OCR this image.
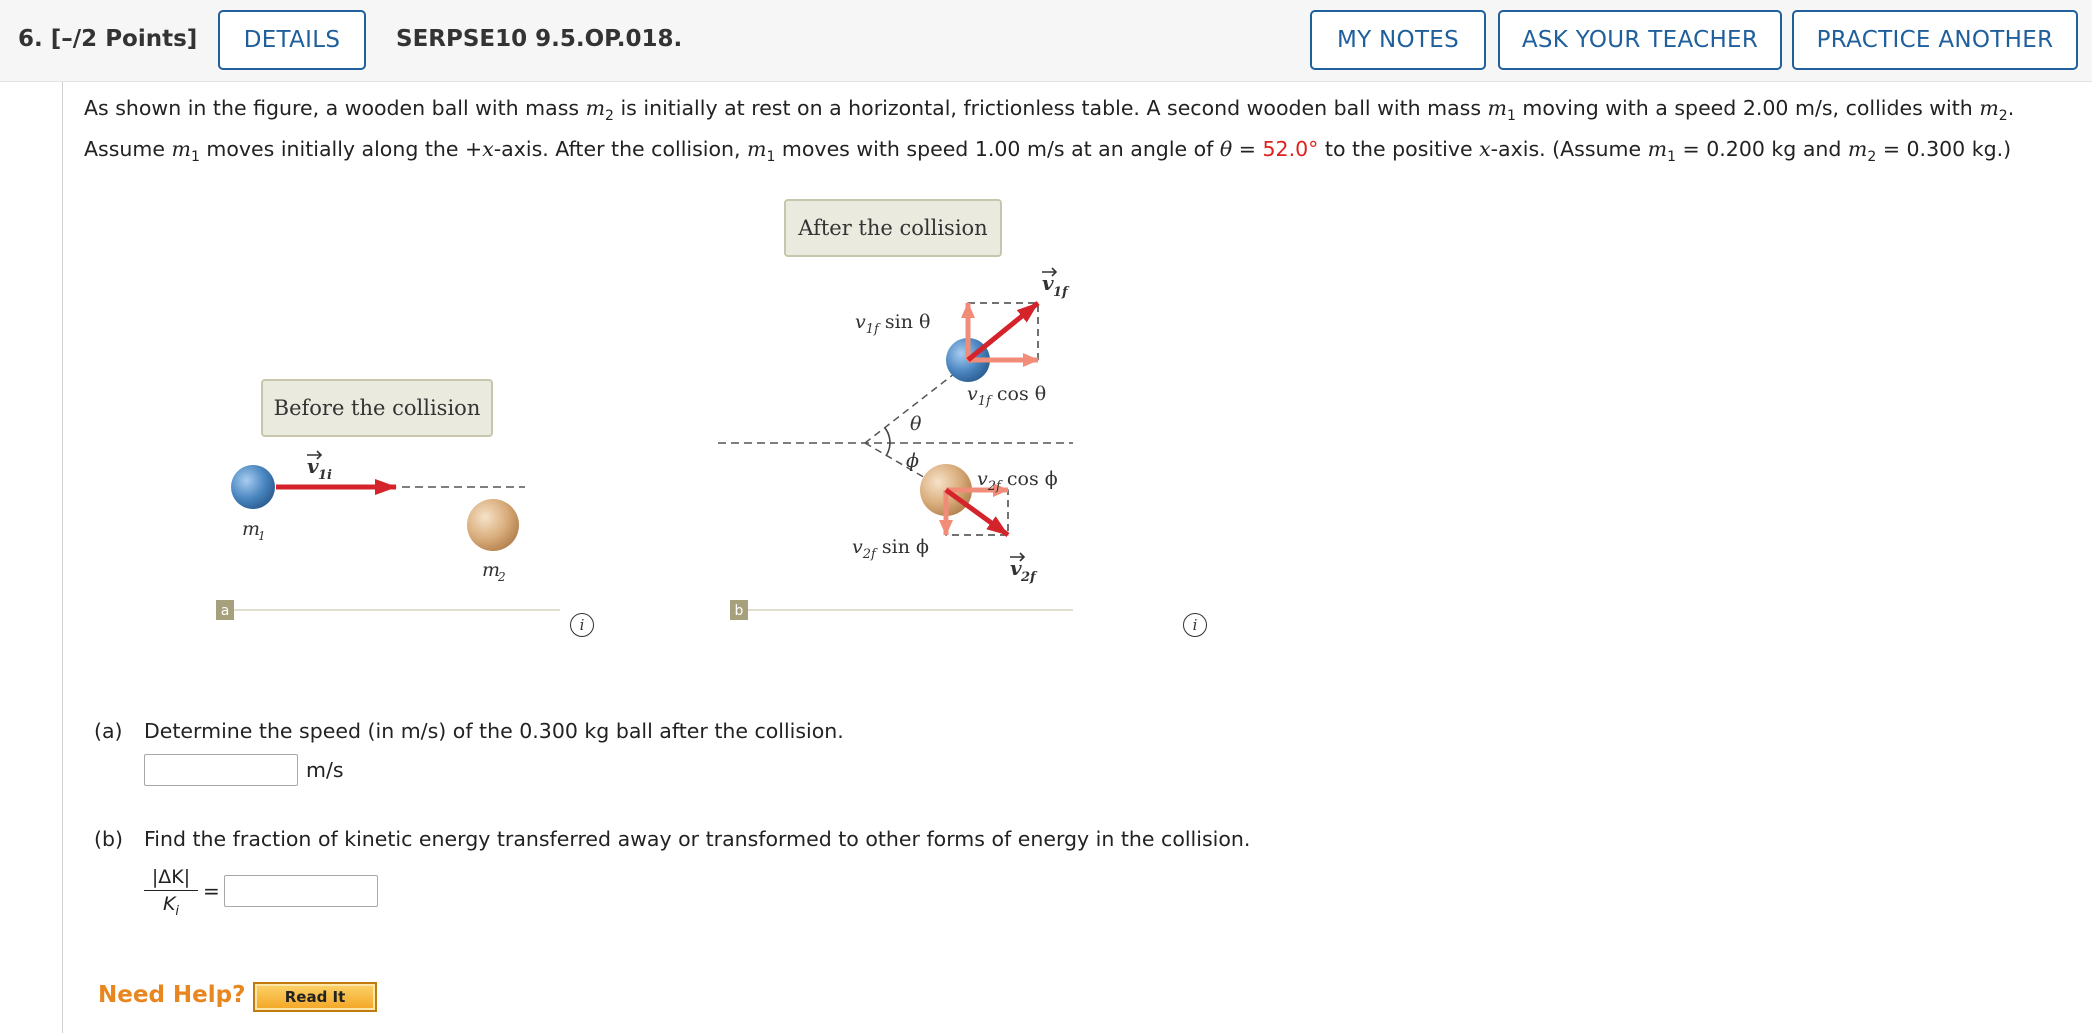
6. [–/2 Points]	DETAILS	SERPSE10 9.5.OP.018.	MY NOTES	ASK YOUR TEACHER	PRACTICE ANOTHER
As shown in the figure, a wooden ball with mass $m_2$ is initially at rest on a horizontal, frictionless table. A second wooden ball with mass $m_1$ moving with a speed 2.00 m/s, collides with $m_2$. Assume $m_1$ moves initially along the +x-axis. After the collision, $m_1$ moves with speed 1.00 m/s at an angle of θ = 52.0° to the positive x-axis. (Assume $m_1 = 0.200$ kg and $m_2 = 0.300$ kg.)
Before the collision
v 1i
m
1
m
2
a
After the collision
θ
ϕ
v 1f
v 2f
$v_{1f}$ sin θ
$v_{1f}$ cos θ
$v_{2f}$ cos ϕ
$v_{2f}$ sin ϕ
b
i	i
(a) Determine the speed (in m/s) of the 0.300 kg ball after the collision.
m/s
(b) Find the fraction of kinetic energy transferred away or transformed to other forms of energy in the collision.
$\frac{|\Delta K|}{K_i}$ =
Need Help?	Read It
